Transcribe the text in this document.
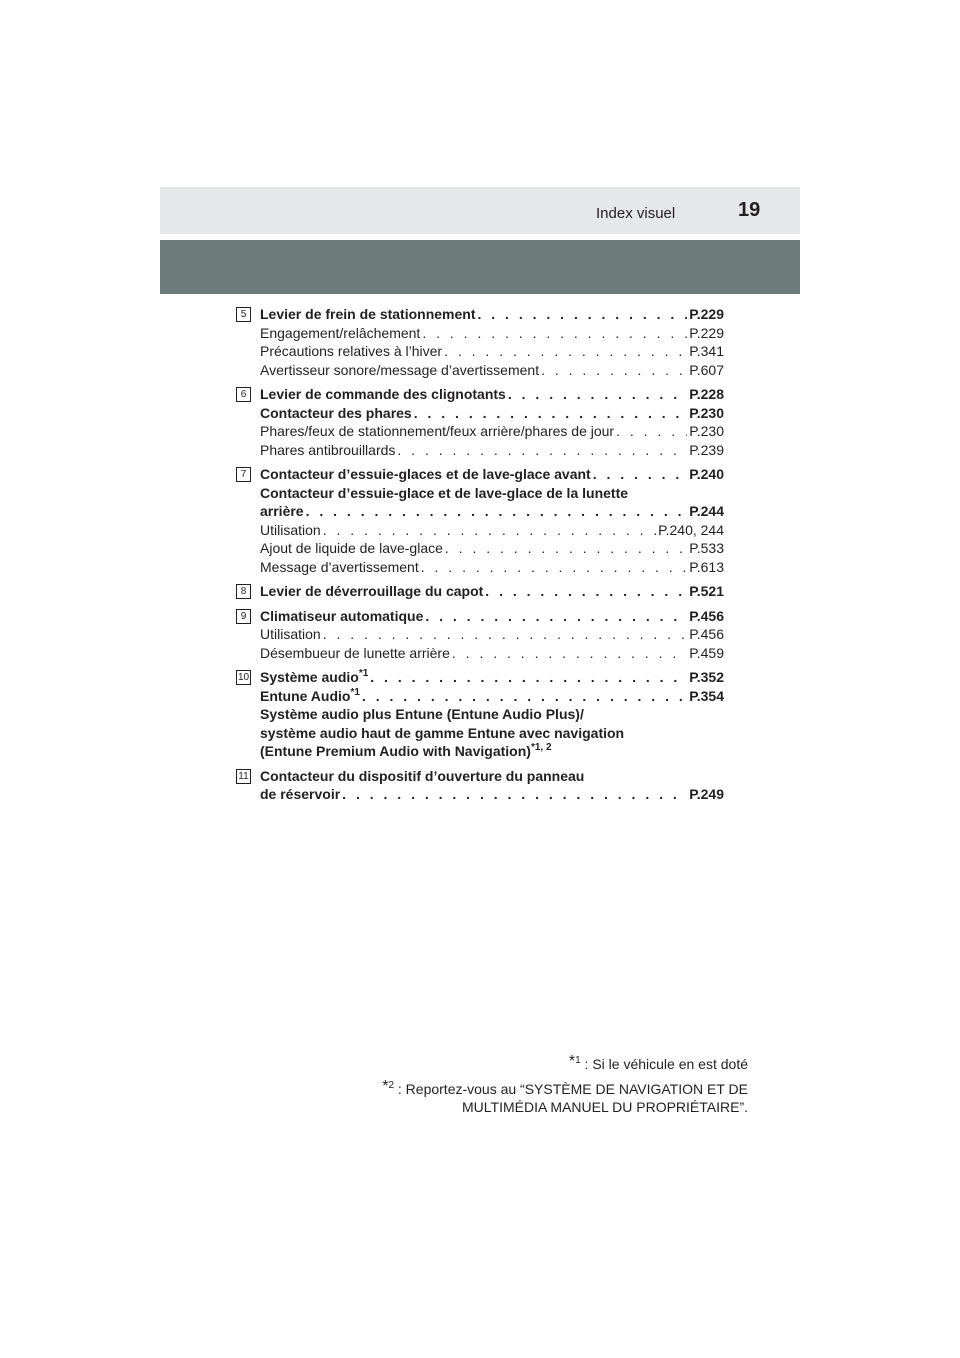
Index visuel	19
5 Levier de frein de stationnement . . .	P.229
Engagement/relâchement . . .	P.229
Précautions relatives à l’hiver . . .	P.341
Avertisseur sonore/message d’avertissement . . .	P.607
6 Levier de commande des clignotants . . .	P.228
Contacteur des phares . . .	P.230
Phares/feux de stationnement/feux arrière/phares de jour . . .	P.230
Phares antibrouillards . . .	P.239
7 Contacteur d’essuie-glaces et de lave-glace avant . . .	P.240
Contacteur d’essuie-glace et de lave-glace de la lunette
arrière . . .	P.244
Utilisation . . .	P.240, 244
Ajout de liquide de lave-glace . . .	P.533
Message d’avertissement . . .	P.613
8 Levier de déverrouillage du capot . . .	P.521
9 Climatiseur automatique . . .	P.456
Utilisation . . .	P.456
Désembueur de lunette arrière . . .	P.459
10 Système audio$^{*1}$ . . .	P.352
Entune Audio$^{*1}$ . . .	P.354
Système audio plus Entune (Entune Audio Plus)/
système audio haut de gamme Entune avec navigation
(Entune Premium Audio with Navigation)$^{*1, 2}$
11 Contacteur du dispositif d’ouverture du panneau
de réservoir . . .	P.249
*$^1$ : Si le véhicule en est doté
*$^2$ : Reportez-vous au “SYSTÈME DE NAVIGATION ET DE
MULTIMÉDIA MANUEL DU PROPRIÉTAIRE”.
